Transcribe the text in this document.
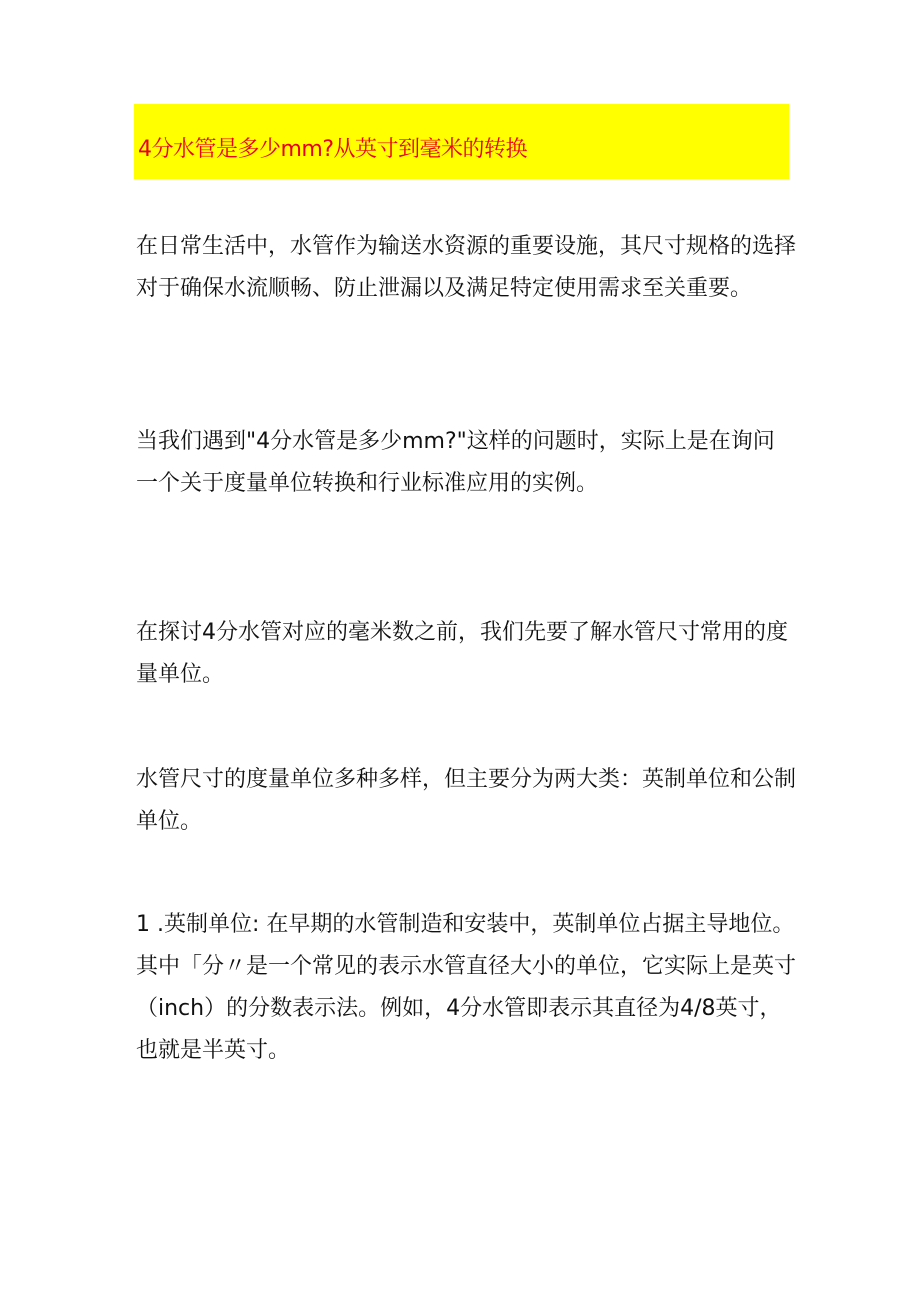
4分水管是多少mm?从英寸到毫米的转换

在日常生活中，水管作为输送水资源的重要设施，其尺寸规格的选择对于确保水流顺畅、防止泄漏以及满足特定使用需求至关重要。

当我们遇到"4分水管是多少mm?"这样的问题时，实际上是在询问一个关于度量单位转换和行业标准应用的实例。

在探讨4分水管对应的毫米数之前，我们先要了解水管尺寸常用的度量单位。

水管尺寸的度量单位多种多样，但主要分为两大类：英制单位和公制单位。

1 .英制单位: 在早期的水管制造和安装中，英制单位占据主导地位。其中「分〃是一个常见的表示水管直径大小的单位，它实际上是英寸（inch）的分数表示法。例如，4分水管即表示其直径为4/8英寸，也就是半英寸。
